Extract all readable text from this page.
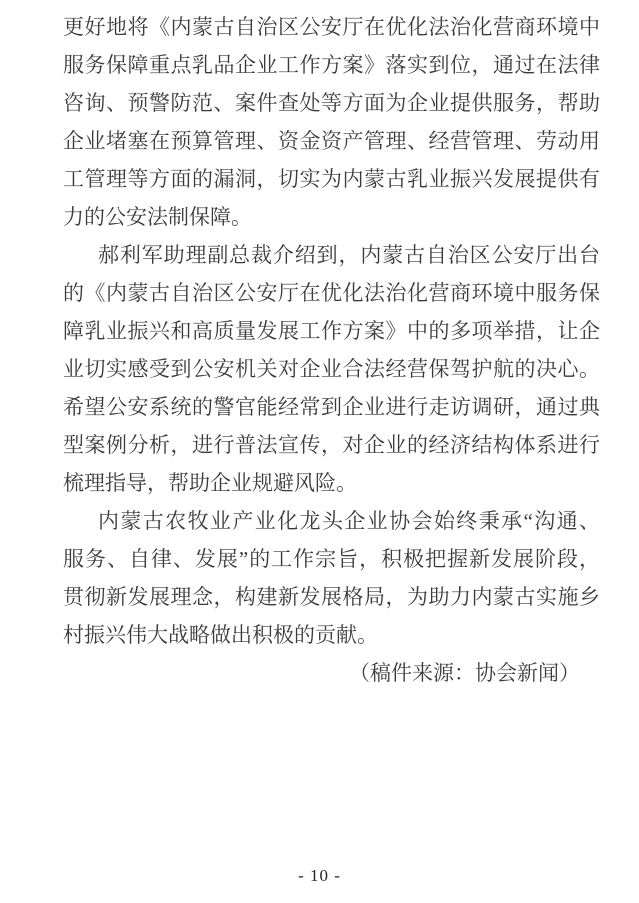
更好地将《内蒙古自治区公安厅在优化法治化营商环境中
服务保障重点乳品企业工作方案》落实到位，通过在法律
咨询、预警防范、案件查处等方面为企业提供服务，帮助
企业堵塞在预算管理、资金资产管理、经营管理、劳动用
工管理等方面的漏洞，切实为内蒙古乳业振兴发展提供有
力的公安法制保障。
郝利军助理副总裁介绍到，内蒙古自治区公安厅出台
的《内蒙古自治区公安厅在优化法治化营商环境中服务保
障乳业振兴和高质量发展工作方案》中的多项举措，让企
业切实感受到公安机关对企业合法经营保驾护航的决心。
希望公安系统的警官能经常到企业进行走访调研，通过典
型案例分析，进行普法宣传，对企业的经济结构体系进行
梳理指导，帮助企业规避风险。
内蒙古农牧业产业化龙头企业协会始终秉承“沟通、
服务、自律、发展”的工作宗旨，积极把握新发展阶段，
贯彻新发展理念，构建新发展格局，为助力内蒙古实施乡
村振兴伟大战略做出积极的贡献。
（稿件来源：协会新闻）
- 10 -
